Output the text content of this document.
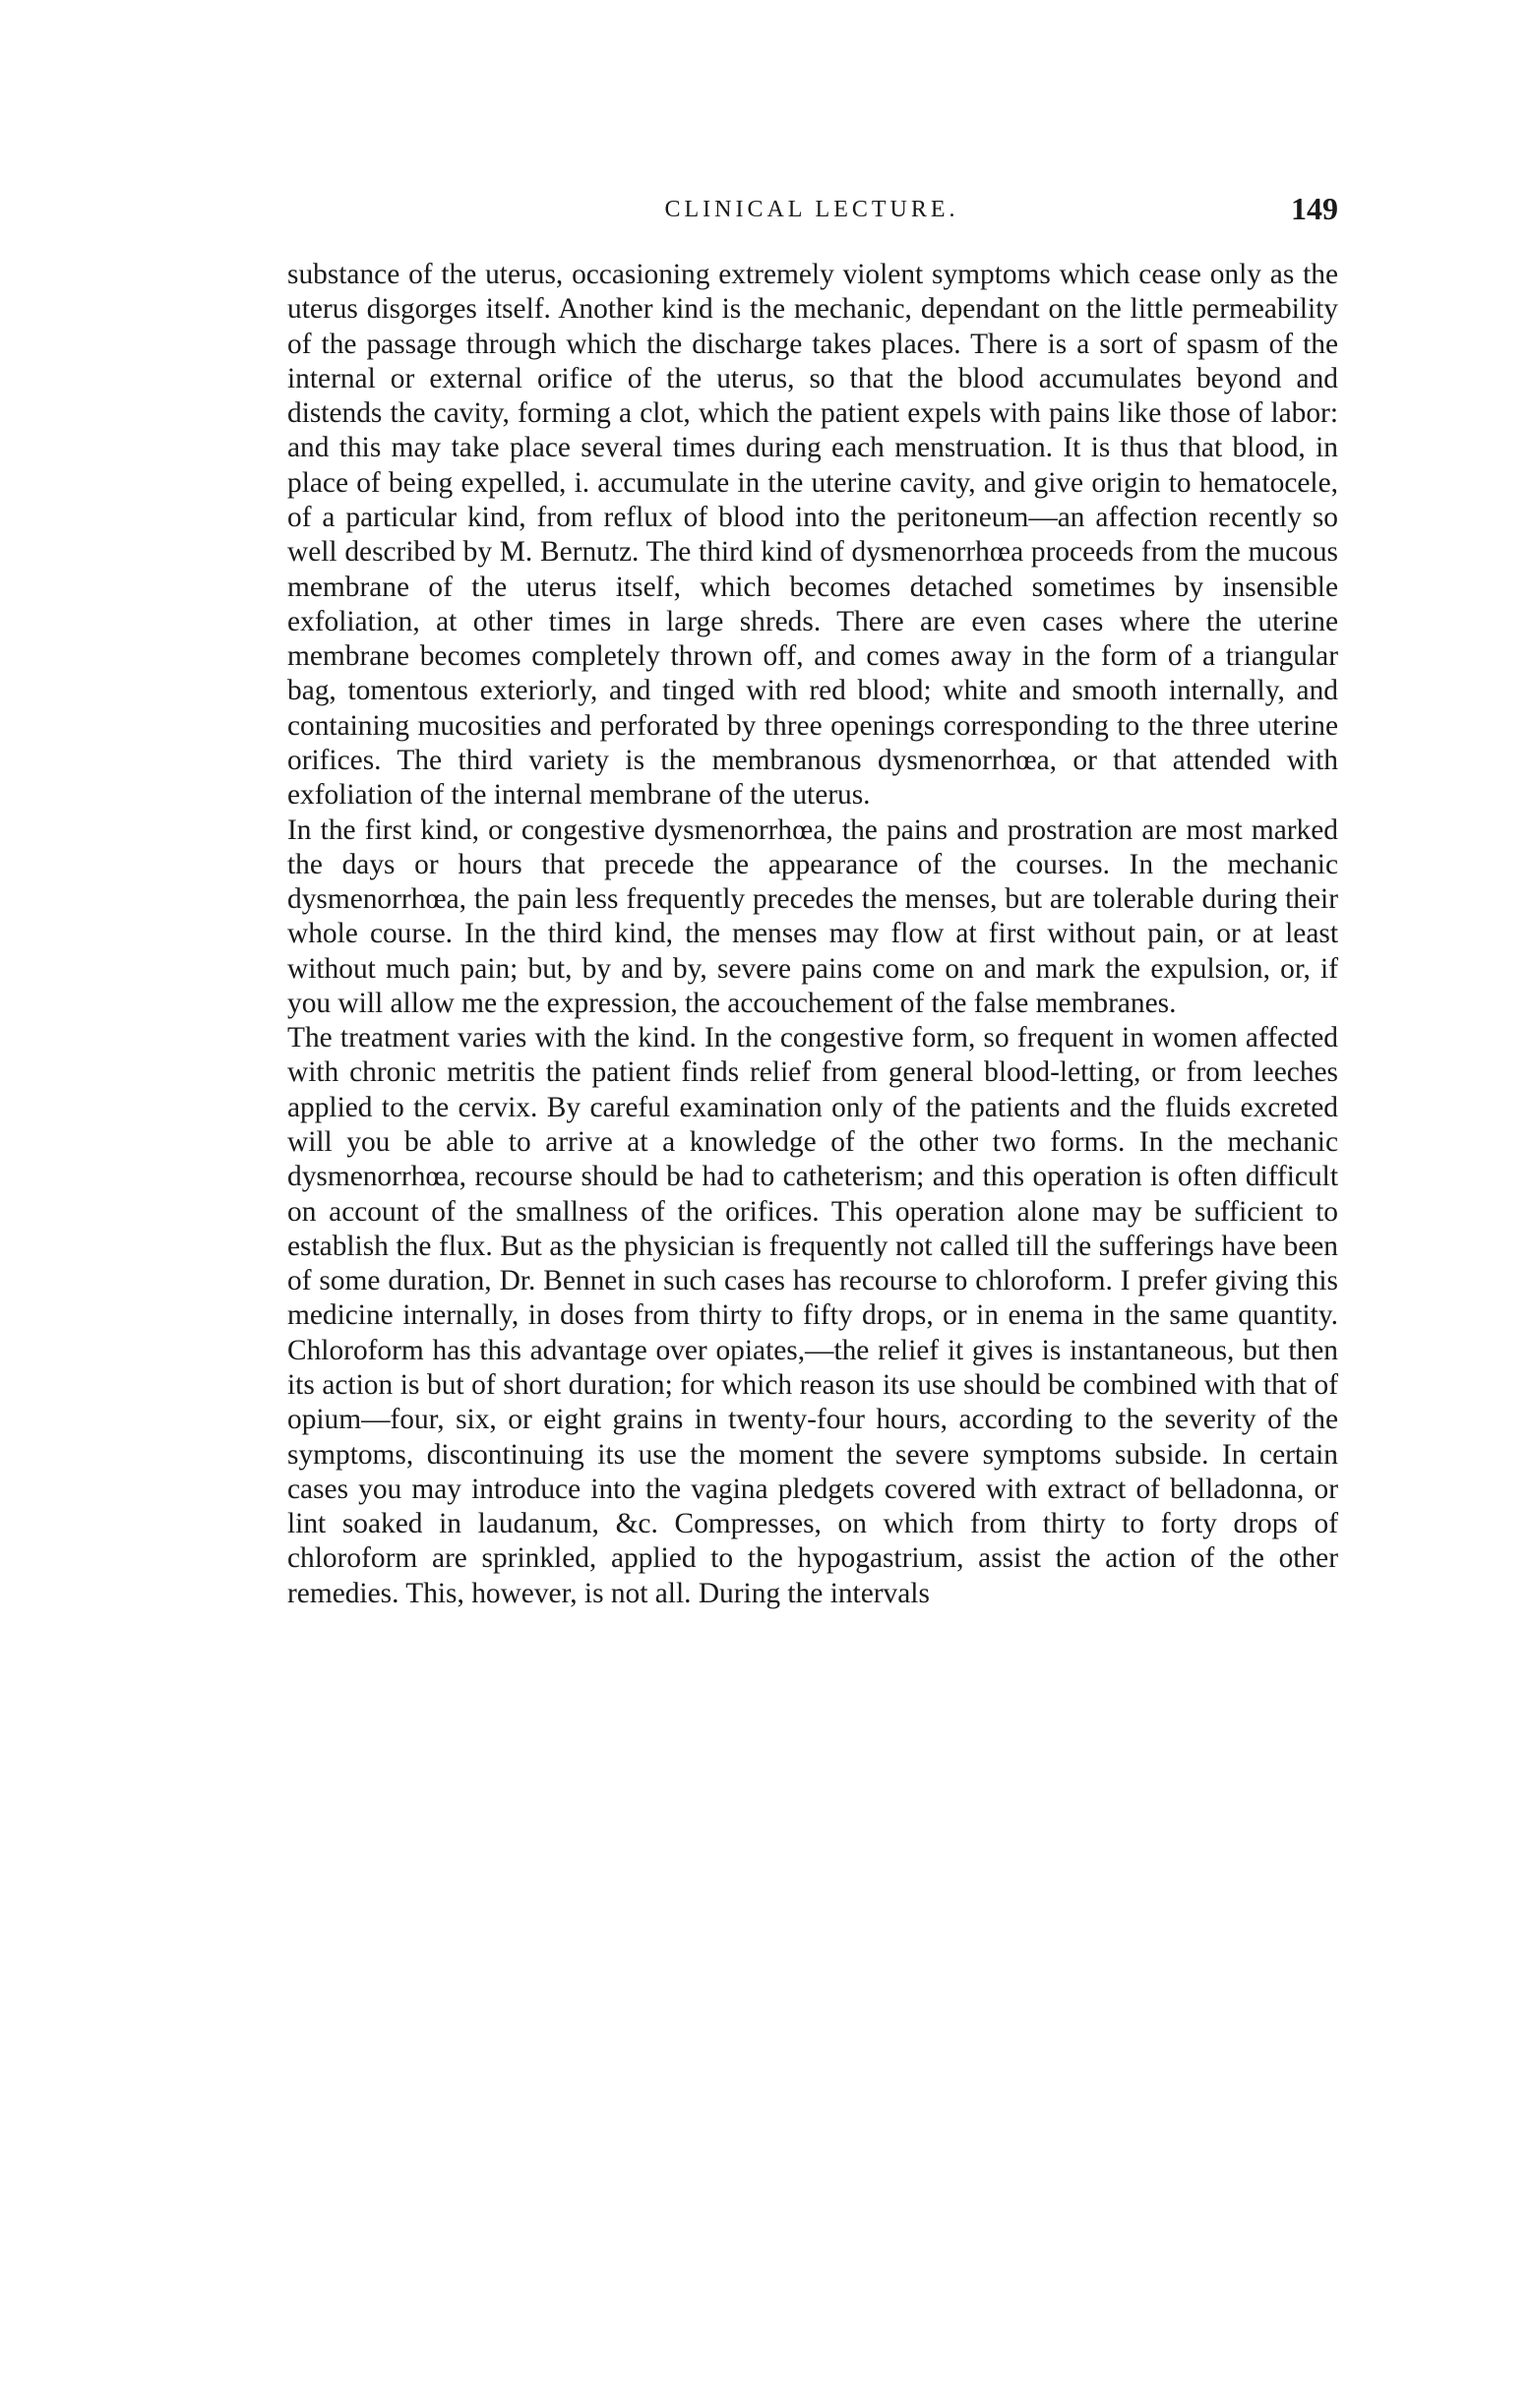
CLINICAL LECTURE.	149

substance of the uterus, occasioning extremely violent symptoms which cease only as the uterus disgorges itself. Another kind is the mechanic, dependant on the little permeability of the passage through which the discharge takes places. There is a sort of spasm of the internal or external orifice of the uterus, so that the blood accumulates beyond and distends the cavity, forming a clot, which the patient expels with pains like those of labor: and this may take place several times during each menstruation. It is thus that blood, in place of being expelled, i. accumulate in the uterine cavity, and give origin to hematocele, of a particular kind, from reflux of blood into the peritoneum—an affection recently so well described by M. Bernutz. The third kind of dysmenorrhœa proceeds from the mucous membrane of the uterus itself, which becomes detached sometimes by insensible exfoliation, at other times in large shreds. There are even cases where the uterine membrane becomes completely thrown off, and comes away in the form of a triangular bag, tomentous exteriorly, and tinged with red blood; white and smooth internally, and containing mucosities and perforated by three openings corresponding to the three uterine orifices. The third variety is the membranous dysmenorrhœa, or that attended with exfoliation of the internal membrane of the uterus.

In the first kind, or congestive dysmenorrhœa, the pains and prostration are most marked the days or hours that precede the appearance of the courses. In the mechanic dysmenorrhœa, the pain less frequently precedes the menses, but are tolerable during their whole course. In the third kind, the menses may flow at first without pain, or at least without much pain; but, by and by, severe pains come on and mark the expulsion, or, if you will allow me the expression, the accouchement of the false membranes.

The treatment varies with the kind. In the congestive form, so frequent in women affected with chronic metritis the patient finds relief from general blood-letting, or from leeches applied to the cervix. By careful examination only of the patients and the fluids excreted will you be able to arrive at a knowledge of the other two forms. In the mechanic dysmenorrhœa, recourse should be had to catheterism; and this operation is often difficult on account of the smallness of the orifices. This operation alone may be sufficient to establish the flux. But as the physician is frequently not called till the sufferings have been of some duration, Dr. Bennet in such cases has recourse to chloroform. I prefer giving this medicine internally, in doses from thirty to fifty drops, or in enema in the same quantity. Chloroform has this advantage over opiates,—the relief it gives is instantaneous, but then its action is but of short duration; for which reason its use should be combined with that of opium—four, six, or eight grains in twenty-four hours, according to the severity of the symptoms, discontinuing its use the moment the severe symptoms subside. In certain cases you may introduce into the vagina pledgets covered with extract of belladonna, or lint soaked in laudanum, &c. Compresses, on which from thirty to forty drops of chloroform are sprinkled, applied to the hypogastrium, assist the action of the other remedies. This, however, is not all. During the intervals
